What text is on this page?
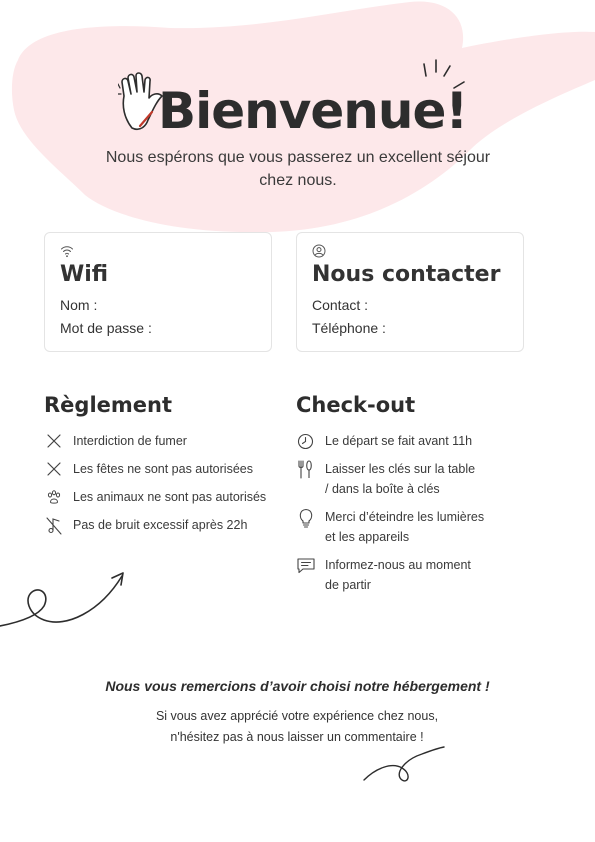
Bienvenue!
Nous espérons que vous passerez un excellent séjour chez nous.
Wifi
Nom :
Mot de passe :
Nous contacter
Contact :
Téléphone :
Règlement
Interdiction de fumer
Les fêtes ne sont pas autorisées
Les animaux ne sont pas autorisés
Pas de bruit excessif après 22h
Check-out
Le départ se fait avant 11h
Laisser les clés sur la table
/ dans la boîte à clés
Merci d’éteindre les lumières
et les appareils
Informez-nous au moment
de partir
Nous vous remercions d’avoir choisi notre hébergement !
Si vous avez apprécié votre expérience chez nous,
n'hésitez pas à nous laisser un commentaire !
